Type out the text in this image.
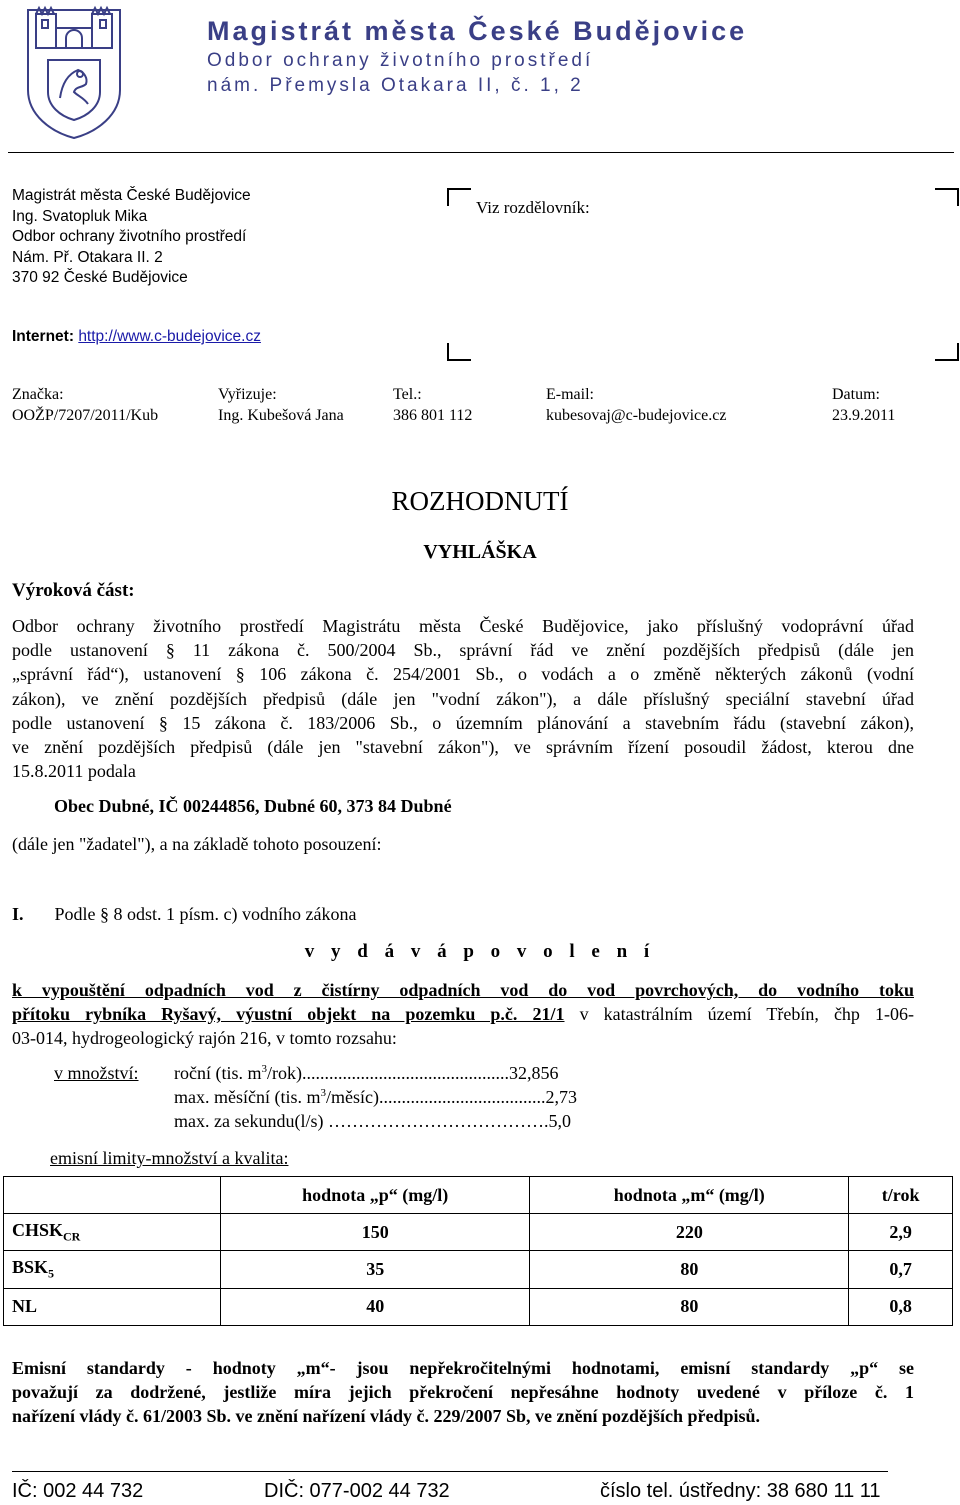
Magistrát města České Budějovice
Odbor ochrany životního prostředí
nám. Přemysla Otakara II, č. 1, 2
Magistrát města České Budějovice
Ing. Svatopluk Mika
Odbor ochrany životního prostředí
Nám. Př. Otakara II. 2
370 92 České Budějovice
Internet: http://www.c-budejovice.cz
Viz rozdělovník:
Značka:
OOŽP/7207/2011/Kub
Vyřizuje:
Ing. Kubešová Jana
Tel.:
386 801 112
E-mail:
kubesovaj@c-budejovice.cz
Datum:
23.9.2011
ROZHODNUTÍ
VYHLÁŠKA
Výroková část:
Odbor ochrany životního prostředí Magistrátu města České Budějovice, jako příslušný vodoprávní úřad
podle ustanovení § 11 zákona č. 500/2004 Sb., správní řád ve znění pozdějších předpisů (dále jen
„správní řád“), ustanovení § 106 zákona č. 254/2001 Sb., o vodách a o změně některých zákonů (vodní
zákon), ve znění pozdějších předpisů (dále jen "vodní zákon"), a dále příslušný speciální stavební úřad
podle ustanovení § 15 zákona č. 183/2006 Sb., o územním plánování a stavebním řádu (stavební zákon),
ve znění pozdějších předpisů (dále jen "stavební zákon"), ve správním řízení posoudil žádost, kterou dne
15.8.2011 podala
Obec Dubné, IČ 00244856, Dubné 60, 373 84 Dubné
(dále jen "žadatel"), a na základě tohoto posouzení:
I. Podle § 8 odst. 1 písm. c) vodního zákona
v y d á v á p o v o l e n í
k vypouštění odpadních vod z čistírny odpadních vod do vod povrchových, do vodního toku
přítoku rybníka Ryšavý, výustní objekt na pozemku p.č. 21/1 v katastrálním území Třebín, čhp 1-06-
03-014, hydrogeologický rajón 216, v tomto rozsahu:
v množství: roční (tis. $m^3/rok)..............................................32,856$
max. měsíční (tis. $m^3/měsíc).....................................2,73$
max. za sekundu(l/s) ……………………………….5,0
emisní limity-množství a kvalita:
	hodnota „p“ (mg/l)	hodnota „m“ (mg/l)	t/rok
$CHSK_{CR}$	150	220	2,9
$BSK_5$	35	80	0,7
NL	40	80	0,8
Emisní standardy - hodnoty „m“- jsou nepřekročitelnými hodnotami, emisní standardy „p“ se
považují za dodržené, jestliže míra jejich překročení nepřesáhne hodnoty uvedené v příloze č. 1
nařízení vlády č. 61/2003 Sb. ve znění nařízení vlády č. 229/2007 Sb, ve znění pozdějších předpisů.
IČ: 002 44 732	DIČ: 077-002 44 732	číslo tel. ústředny: 38 680 11 11
